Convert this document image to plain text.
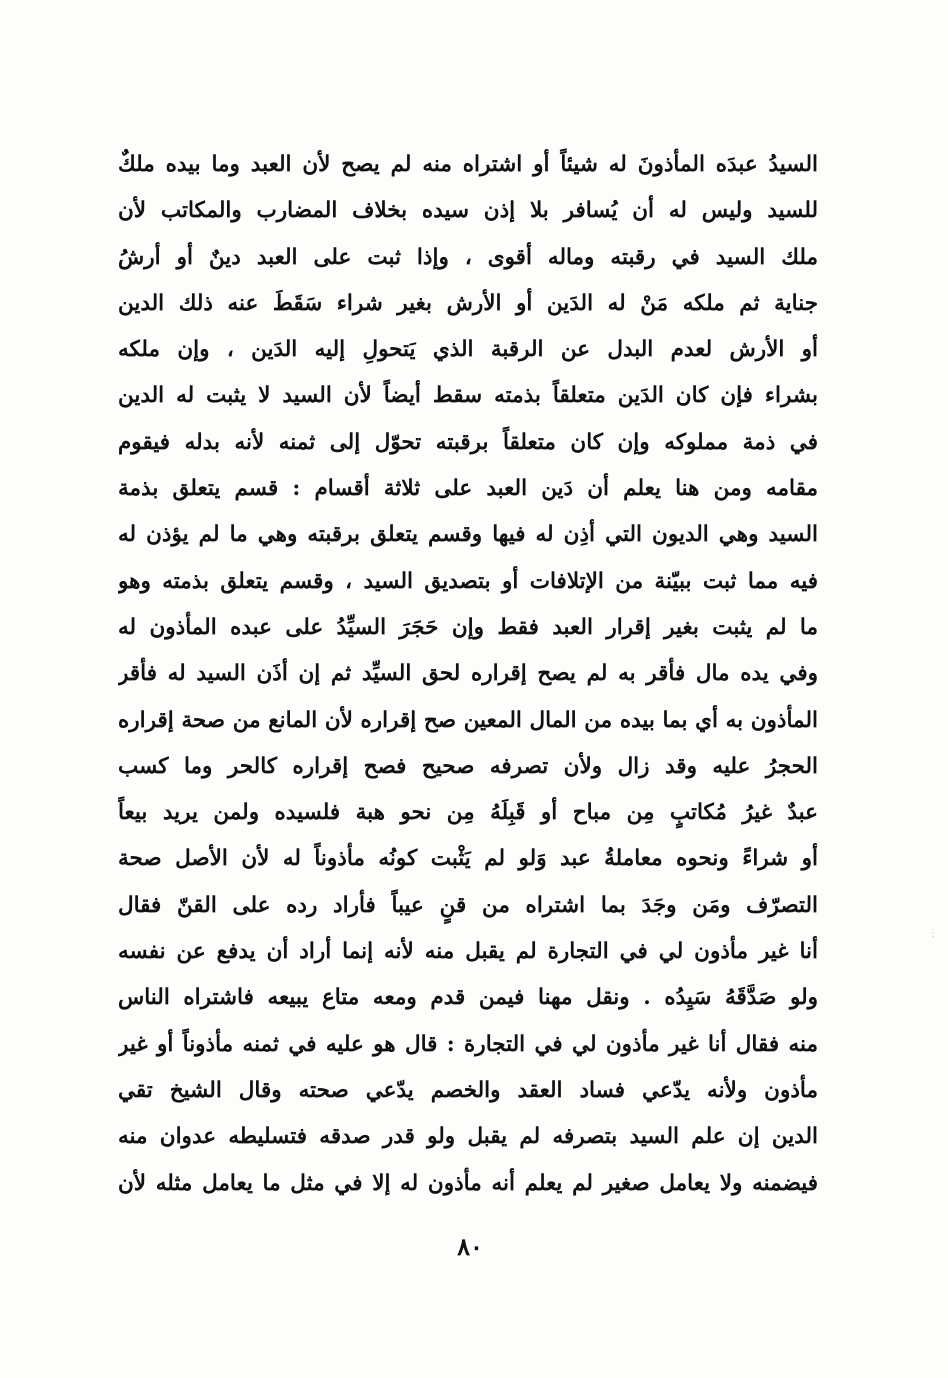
السيدُ عبدَه المأذونَ له شيئاً أو اشتراه منه لم يصح لأن العبد وما بيده ملكٌ
للسيد وليس له أن يُسافر بلا إذن سيده بخلاف المضارب والمكاتب لأن
ملك السيد في رقبته وماله أقوى ، وإذا ثبت على العبد دينٌ أو أرشُ
جناية ثم ملكه مَنْ له الدَين أو الأرش بغير شراء سَقَطَ عنه ذلك الدين
أو الأرش لعدم البدل عن الرقبة الذي يَتحولِ إليه الدَين ، وإن ملكه
بشراء فإن كان الدَين متعلقاً بذمته سقط أيضاً لأن السيد لا يثبت له الدين
في ذمة مملوكه وإن كان متعلقاً برقبته تحوّل إلى ثمنه لأنه بدله فيقوم
مقامه ومن هنا يعلم أن دَين العبد على ثلاثة أقسام : قسم يتعلق بذمة
السيد وهي الديون التي أذِن له فيها وقسم يتعلق برقبته وهي ما لم يؤذن له
فيه مما ثبت ببيّنة من الإتلافات أو بتصديق السيد ، وقسم يتعلق بذمته وهو
ما لم يثبت بغير إقرار العبد فقط وإن حَجَرَ السيِّدُ على عبده المأذون له
وفي يده مال فأقر به لم يصح إقراره لحق السيِّد ثم إن أذَن السيد له فأقر
المأذون به أي بما بيده من المال المعين صح إقراره لأن المانع من صحة إقراره
الحجرُ عليه وقد زال ولأن تصرفه صحيح فصح إقراره كالحر وما كسب
عبدٌ غيرُ مُكاتبٍ مِن مباح أو قَبِلَهُ مِن نحو هبة فلسيده ولمن يريد بيعاً
أو شراءً ونحوه معاملةُ عبد وَلو لم يَثْبت كونُه مأذوناً له لأن الأصل صحة
التصرّف ومَن وجَدَ بما اشتراه من قنٍ عيباً فأراد رده على القنّ فقال
أنا غير مأذون لي في التجارة لم يقبل منه لأنه إنما أراد أن يدفع عن نفسه
ولو صَدَّقَهُ سَيِدُه . ونقل مهنا فيمن قدم ومعه متاع يبيعه فاشتراه الناس
منه فقال أنا غير مأذون لي في التجارة : قال هو عليه في ثمنه مأذوناً أو غير
مأذون ولأنه يدّعي فساد العقد والخصم يدّعي صحته وقال الشيخ تقي
الدين إن علم السيد بتصرفه لم يقبل ولو قدر صدقه فتسليطه عدوان منه
فيضمنه ولا يعامل صغير لم يعلم أنه مأذون له إلا في مثل ما يعامل مثله لأن
٨٠
⋮
